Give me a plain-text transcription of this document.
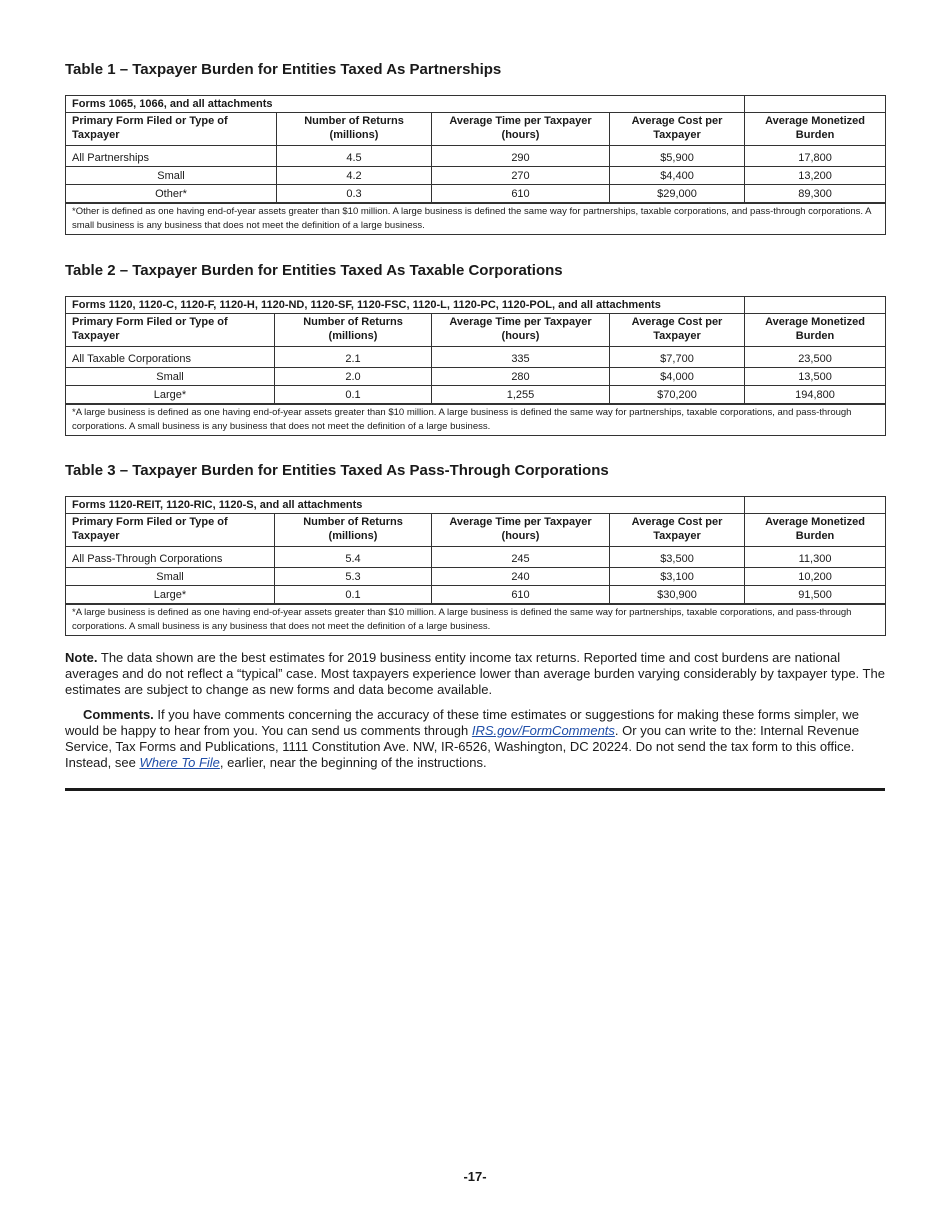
Table 1 – Taxpayer Burden for Entities Taxed As Partnerships
Forms 1065, 1066, and all attachments				
Primary Form Filed or Type of Taxpayer	Number of Returns (millions)	Average Time per Taxpayer (hours)	Average Cost per Taxpayer	Average Monetized Burden
All Partnerships	4.5	290	$5,900	17,800
Small	4.2	270	$4,400	13,200
Other*	0.3	610	$29,000	89,300
*Other is defined as one having end-of-year assets greater than $10 million. A large business is defined the same way for partnerships, taxable corporations, and pass-through corporations. A small business is any business that does not meet the definition of a large business.				
Table 2 – Taxpayer Burden for Entities Taxed As Taxable Corporations
Forms 1120, 1120-C, 1120-F, 1120-H, 1120-ND, 1120-SF, 1120-FSC, 1120-L, 1120-PC, 1120-POL, and all attachments				
Primary Form Filed or Type of Taxpayer	Number of Returns (millions)	Average Time per Taxpayer (hours)	Average Cost per Taxpayer	Average Monetized Burden
All Taxable Corporations	2.1	335	$7,700	23,500
Small	2.0	280	$4,000	13,500
Large*	0.1	1,255	$70,200	194,800
*A large business is defined as one having end-of-year assets greater than $10 million. A large business is defined the same way for partnerships, taxable corporations, and pass-through corporations. A small business is any business that does not meet the definition of a large business.				
Table 3 – Taxpayer Burden for Entities Taxed As Pass-Through Corporations
Forms 1120-REIT, 1120-RIC, 1120-S, and all attachments				
Primary Form Filed or Type of Taxpayer	Number of Returns (millions)	Average Time per Taxpayer (hours)	Average Cost per Taxpayer	Average Monetized Burden
All Pass-Through Corporations	5.4	245	$3,500	11,300
Small	5.3	240	$3,100	10,200
Large*	0.1	610	$30,900	91,500
*A large business is defined as one having end-of-year assets greater than $10 million. A large business is defined the same way for partnerships, taxable corporations, and pass-through corporations. A small business is any business that does not meet the definition of a large business.				

Note. The data shown are the best estimates for 2019 business entity income tax returns. Reported time and cost burdens are national averages and do not reflect a “typical” case. Most taxpayers experience lower than average burden varying considerably by taxpayer type. The estimates are subject to change as new forms and data become available.

Comments. If you have comments concerning the accuracy of these time estimates or suggestions for making these forms simpler, we would be happy to hear from you. You can send us comments through IRS.gov/FormComments. Or you can write to the: Internal Revenue Service, Tax Forms and Publications, 1111 Constitution Ave. NW, IR-6526, Washington, DC 20224. Do not send the tax form to this office. Instead, see Where To File, earlier, near the beginning of the instructions.

-17-
